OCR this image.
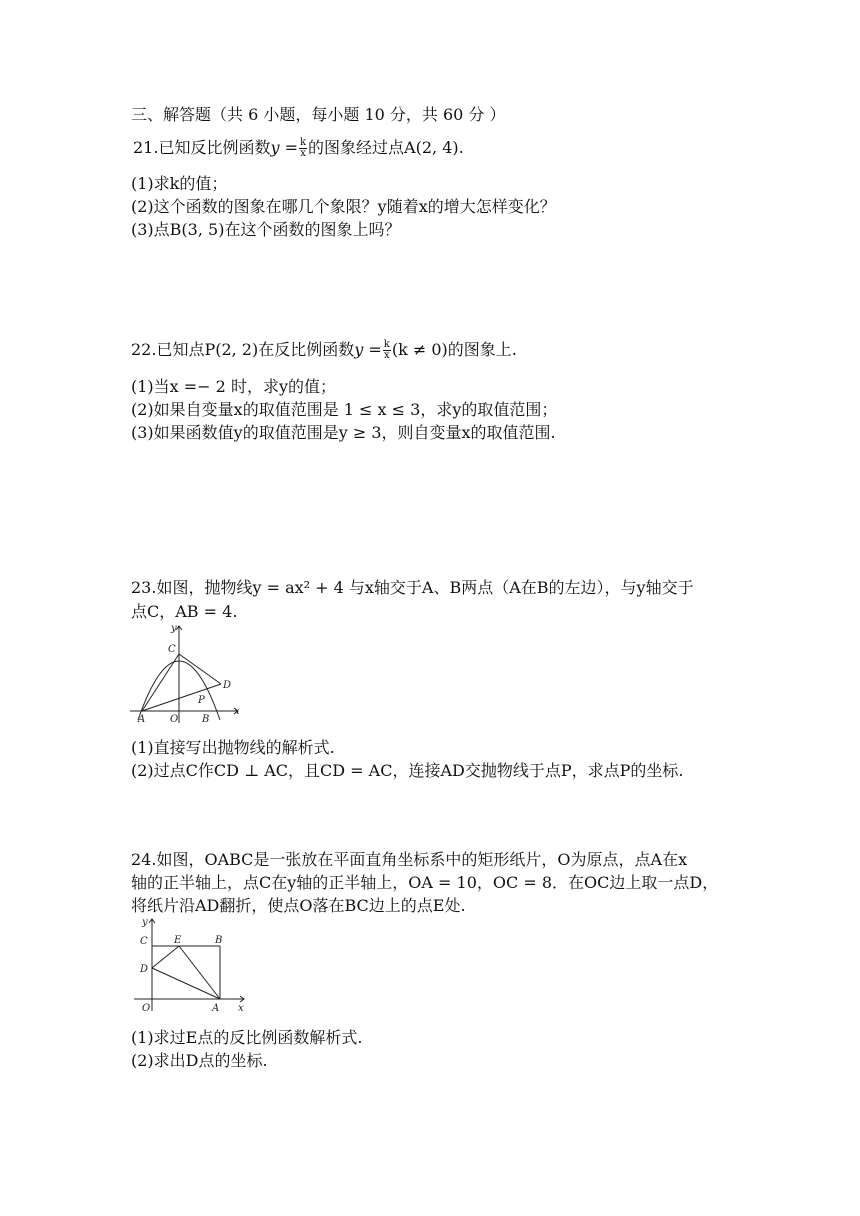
三、解答题（共 6 小题，每小题 10 分，共 60 分 ）
21.已知反比例函数$y = \frac{k}{x}$ 的图象经过点A(2, 4).
(1)求k的值；
(2)这个函数的图象在哪几个象限？y随着x的增大怎样变化？
(3)点B(3, 5)在这个函数的图象上吗？
22.已知点P(2, 2)在反比例函数$y = \frac{k}{x} (k \ne 0)$的图象上.
(1)当x =− 2 时，求y的值；
(2)如果自变量x的取值范围是 1 ≤ x ≤ 3，求y的取值范围；
(3)如果函数值y的取值范围是y ≥ 3，则自变量x的取值范围.
23.如图，抛物线y = ax² + 4 与x轴交于A、B两点（A在B的左边），与y轴交于
点C，AB = 4.
y
x
C
D
P
A O B
(1)直接写出抛物线的解析式.
(2)过点C作CD ⊥ AC，且CD = AC，连接AD交抛物线于点P，求点P的坐标.
24.如图，OABC是一张放在平面直角坐标系中的矩形纸片，O为原点，点A在x
轴的正半轴上，点C在y轴的正半轴上，OA = 10，OC = 8．在OC边上取一点D，
将纸片沿AD翻折，使点O落在BC边上的点E处.
y
x
C	E	B
D
O	A
(1)求过E点的反比例函数解析式.
(2)求出D点的坐标.
